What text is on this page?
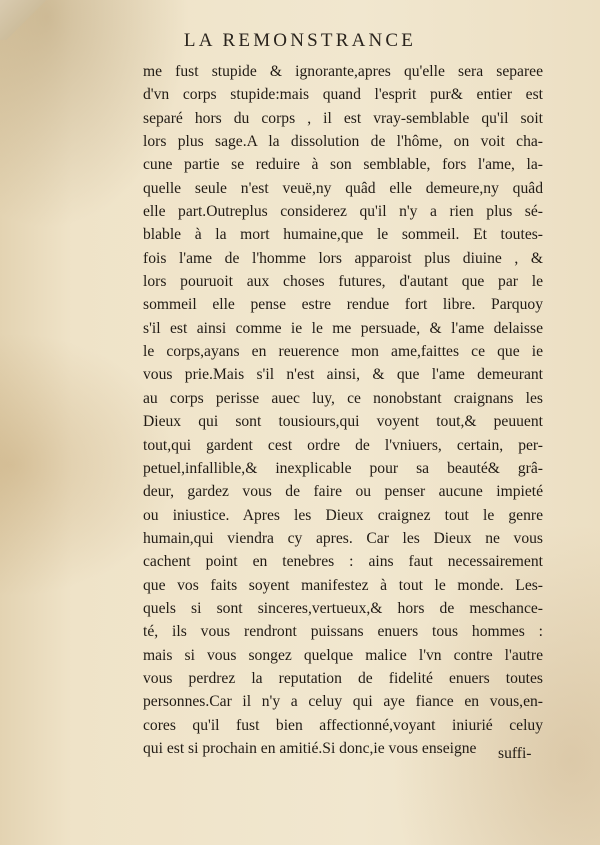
LA REMONSTRANCE
me fust stupide & ignorante,apres qu'elle sera separee
d'vn corps stupide:mais quand l'esprit pur& entier est
separé hors du corps , il est vray-semblable qu'il soit
lors plus sage.A la dissolution de l'hôme, on voit cha-
cune partie se reduire à son semblable, fors l'ame, la-
quelle seule n'est veuë,ny quâd elle demeure,ny quâd
elle part.Outreplus considerez qu'il n'y a rien plus sé-
blable à la mort humaine,que le sommeil. Et toutes-
fois l'ame de l'homme lors apparoist plus diuine , &
lors pouruoit aux choses futures, d'autant que par le
sommeil elle pense estre rendue fort libre. Parquoy
s'il est ainsi comme ie le me persuade, & l'ame delaisse
le corps,ayans en reuerence mon ame,faittes ce que ie
vous prie.Mais s'il n'est ainsi, & que l'ame demeurant
au corps perisse auec luy, ce nonobstant craignans les
Dieux qui sont tousiours,qui voyent tout,& peuuent
tout,qui gardent cest ordre de l'vniuers, certain, per-
petuel,infallible,& inexplicable pour sa beauté& grâ-
deur, gardez vous de faire ou penser aucune impieté
ou iniustice. Apres les Dieux craignez tout le genre
humain,qui viendra cy apres. Car les Dieux ne vous
cachent point en tenebres : ains faut necessairement
que vos faits soyent manifestez à tout le monde. Les-
quels si sont sinceres,vertueux,& hors de meschance-
té, ils vous rendront puissans enuers tous hommes :
mais si vous songez quelque malice l'vn contre l'autre
vous perdrez la reputation de fidelité enuers toutes
personnes.Car il n'y a celuy qui aye fiance en vous,en-
cores qu'il fust bien affectionné,voyant iniurié celuy
qui est si prochain en amitié.Si donc,ie vous enseigne	suffi-
